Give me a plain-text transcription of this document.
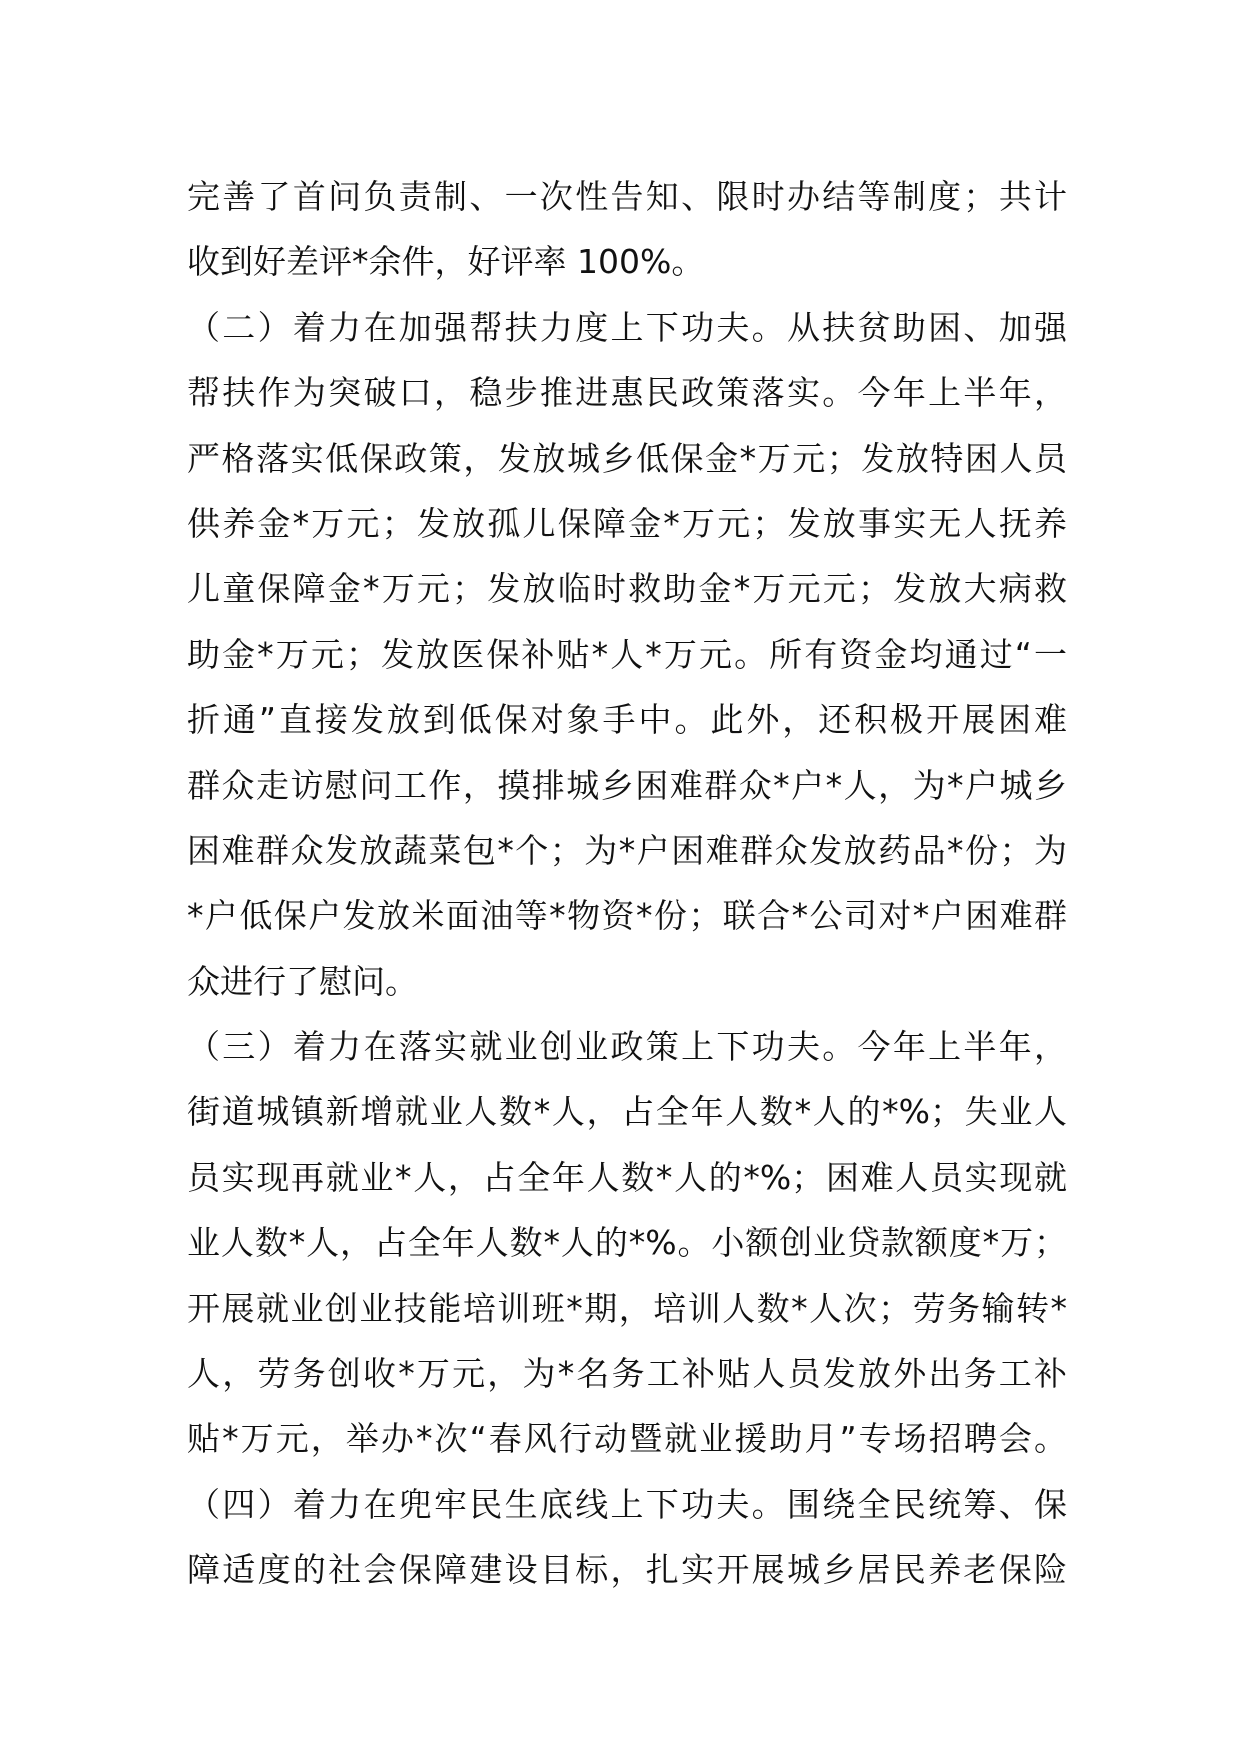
完善了首问负责制、一次性告知、限时办结等制度；共计
收到好差评*余件，好评率 100%。
（二）着力在加强帮扶力度上下功夫。从扶贫助困、加强
帮扶作为突破口，稳步推进惠民政策落实。今年上半年，
严格落实低保政策，发放城乡低保金*万元；发放特困人员
供养金*万元；发放孤儿保障金*万元；发放事实无人抚养
儿童保障金*万元；发放临时救助金*万元元；发放大病救
助金*万元；发放医保补贴*人*万元。所有资金均通过“一
折通”直接发放到低保对象手中。此外，还积极开展困难
群众走访慰问工作，摸排城乡困难群众*户*人，为*户城乡
困难群众发放蔬菜包*个；为*户困难群众发放药品*份；为
*户低保户发放米面油等*物资*份；联合*公司对*户困难群
众进行了慰问。
（三）着力在落实就业创业政策上下功夫。今年上半年，
街道城镇新增就业人数*人，占全年人数*人的*%；失业人
员实现再就业*人，占全年人数*人的*%；困难人员实现就
业人数*人，占全年人数*人的*%。小额创业贷款额度*万；
开展就业创业技能培训班*期，培训人数*人次；劳务输转*
人，劳务创收*万元，为*名务工补贴人员发放外出务工补
贴*万元，举办*次“春风行动暨就业援助月”专场招聘会。
（四）着力在兜牢民生底线上下功夫。围绕全民统筹、保
障适度的社会保障建设目标，扎实开展城乡居民养老保险
